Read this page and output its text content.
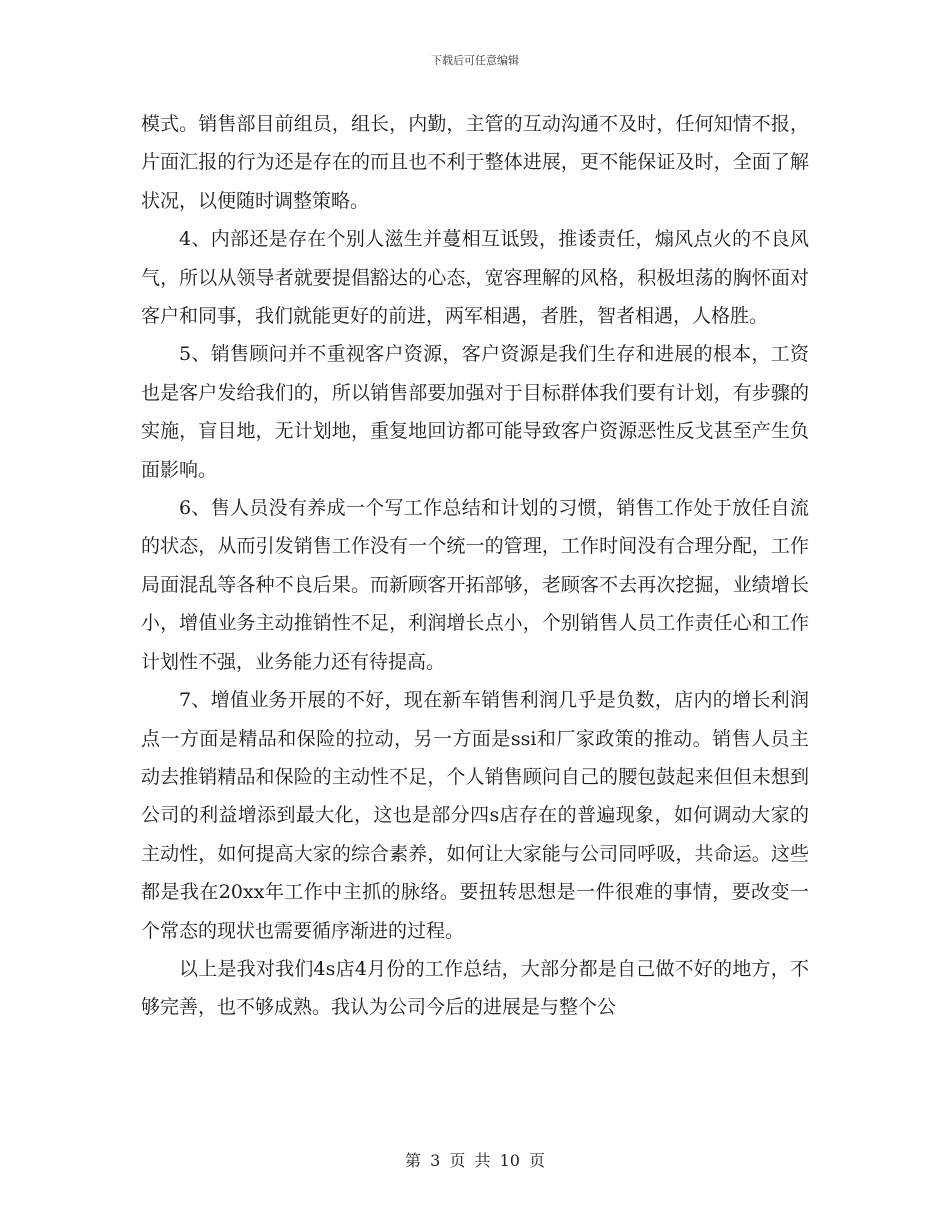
下载后可任意编辑

模式。销售部目前组员，组长，内勤，主管的互动沟通不及时，任何知情不报，片面汇报的行为还是存在的而且也不利于整体进展，更不能保证及时，全面了解状况，以便随时调整策略。

4、内部还是存在个别人滋生并蔓相互诋毁，推诿责任，煽风点火的不良风气，所以从领导者就要提倡豁达的心态，宽容理解的风格，积极坦荡的胸怀面对客户和同事，我们就能更好的前进，两军相遇，者胜，智者相遇，人格胜。

5、销售顾问并不重视客户资源，客户资源是我们生存和进展的根本，工资也是客户发给我们的，所以销售部要加强对于目标群体我们要有计划，有步骤的实施，盲目地，无计划地，重复地回访都可能导致客户资源恶性反戈甚至产生负面影响。

6、售人员没有养成一个写工作总结和计划的习惯，销售工作处于放任自流的状态，从而引发销售工作没有一个统一的管理，工作时间没有合理分配，工作局面混乱等各种不良后果。而新顾客开拓部够，老顾客不去再次挖掘，业绩增长小，增值业务主动推销性不足，利润增长点小，个别销售人员工作责任心和工作计划性不强，业务能力还有待提高。

7、增值业务开展的不好，现在新车销售利润几乎是负数，店内的增长利润点一方面是精品和保险的拉动，另一方面是ssi和厂家政策的推动。销售人员主动去推销精品和保险的主动性不足，个人销售顾问自己的腰包鼓起来但但未想到公司的利益增添到最大化，这也是部分四s店存在的普遍现象，如何调动大家的主动性，如何提高大家的综合素养，如何让大家能与公司同呼吸，共命运。这些都是我在20xx年工作中主抓的脉络。要扭转思想是一件很难的事情，要改变一个常态的现状也需要循序渐进的过程。

以上是我对我们4s店4月份的工作总结，大部分都是自己做不好的地方，不够完善，也不够成熟。我认为公司今后的进展是与整个公

第 3 页 共 10 页
